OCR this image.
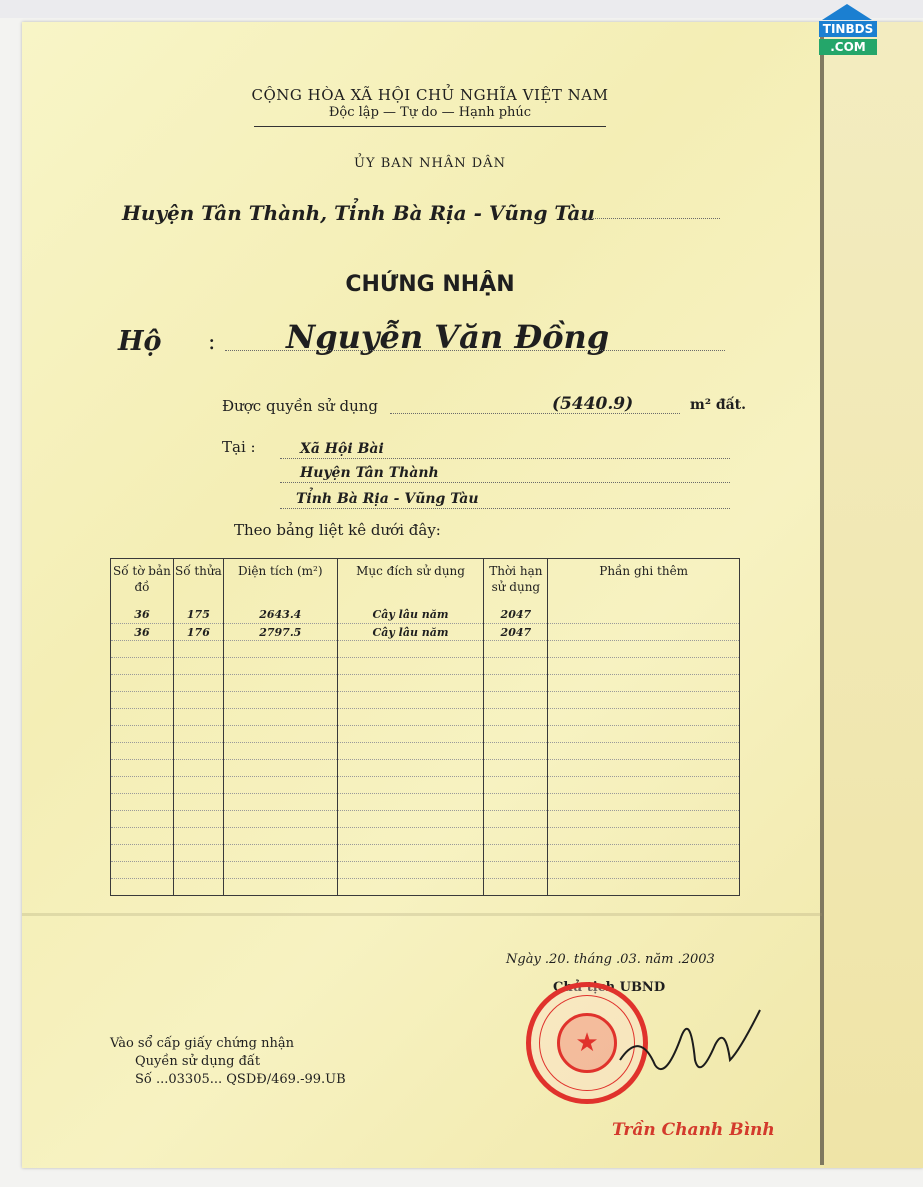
TINBDS
.COM
CỘNG HÒA XÃ HỘI CHỦ NGHĨA VIỆT NAM
Độc lập — Tự do — Hạnh phúc
ỦY BAN NHÂN DÂN
Huyện Tân Thành, Tỉnh Bà Rịa - Vũng Tàu
CHỨNG NHẬN
Hộ : Nguyễn Văn Đồng
Được quyền sử dụng	(5440.9)	m² đất.
Tại :	Xã Hội Bài
Huyện Tân Thành
Tỉnh Bà Rịa - Vũng Tàu
Theo bảng liệt kê dưới đây:
Số tờ bản đồ	Số thửa	Diện tích (m²)	Mục đích sử dụng	Thời hạn sử dụng	Phần ghi thêm
36	175	2643.4	Cây lâu năm	2047	
36	176	2797.5	Cây lâu năm	2047	

Ngày .20. tháng .03. năm .2003
Chủ tịch UBND
★
Trần Chanh Bình
Vào sổ cấp giấy chứng nhận
Quyền sử dụng đất
Số ...03305... QSDĐ/469.-99.UB
